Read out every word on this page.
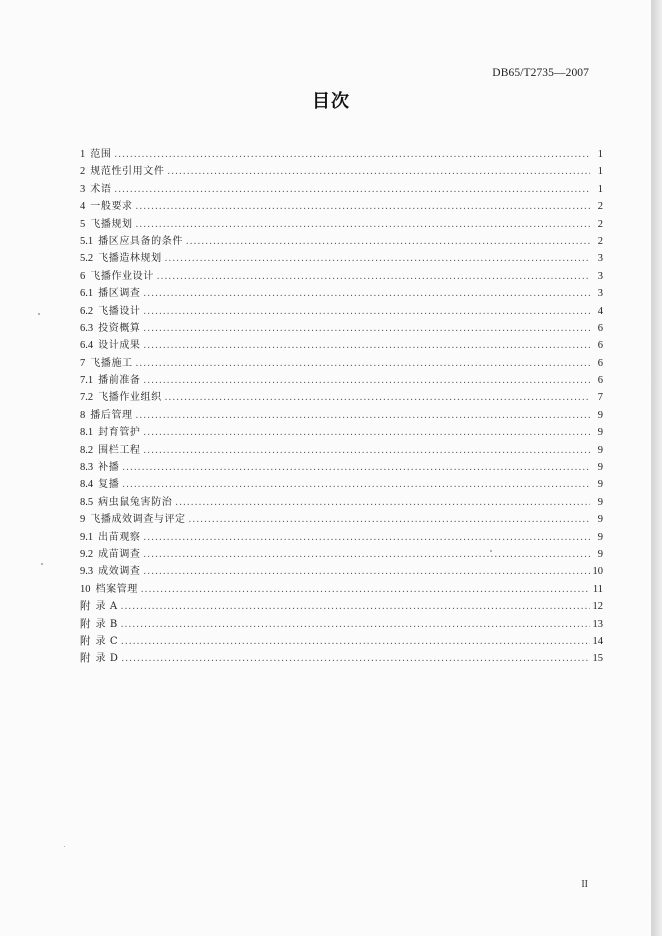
DB65/T2735—2007
目次
1 范围 .....	1
2 规范性引用文件 .....	1
3 术语 .....	1
4 一般要求 .....	2
5 飞播规划 .....	2
5.1 播区应具备的条件 .....	2
5.2 飞播造林规划 .....	3
6 飞播作业设计 .....	3
6.1 播区调查 .....	3
6.2 飞播设计 .....	4
6.3 投资概算 .....	6
6.4 设计成果 .....	6
7 飞播施工 .....	6
7.1 播前准备 .....	6
7.2 飞播作业组织 .....	7
8 播后管理 .....	9
8.1 封育管护 .....	9
8.2 围栏工程 .....	9
8.3 补播 .....	9
8.4 复播 .....	9
8.5 病虫鼠兔害防治 .....	9
9 飞播成效调查与评定 .....	9
9.1 出苗观察 .....	9
9.2 成苗调查 .....	9
9.3 成效调查 .....	10
10 档案管理 .....	11
附 录 A .....	12
附 录 B .....	13
附 录 C .....	14
附 录 D .....	15
II
